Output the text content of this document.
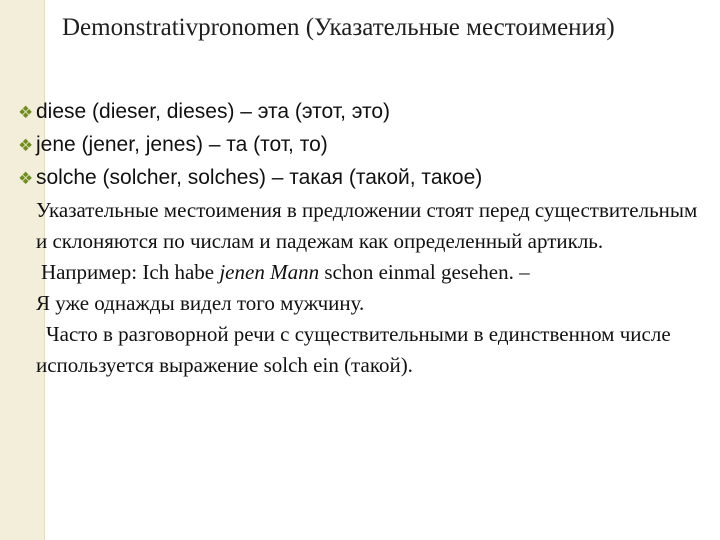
Demonstrativpronomen (Указательные местоимения)
❖ diese (dieser, dieses) – эта (этот, это)
❖ jene (jener, jenes) – та (тот, то)
❖ solche (solcher, solches) – такая (такой, такое)

Указательные местоимения в предложении стоят перед существительным и склоняются по числам и падежам как определенный артикль.

Например: Ich habe jenen Mann schon einmal gesehen. –
Я уже однажды видел того мужчину.

Часто в разговорной речи с существительными в единственном числе используется выражение solch ein (такой).
